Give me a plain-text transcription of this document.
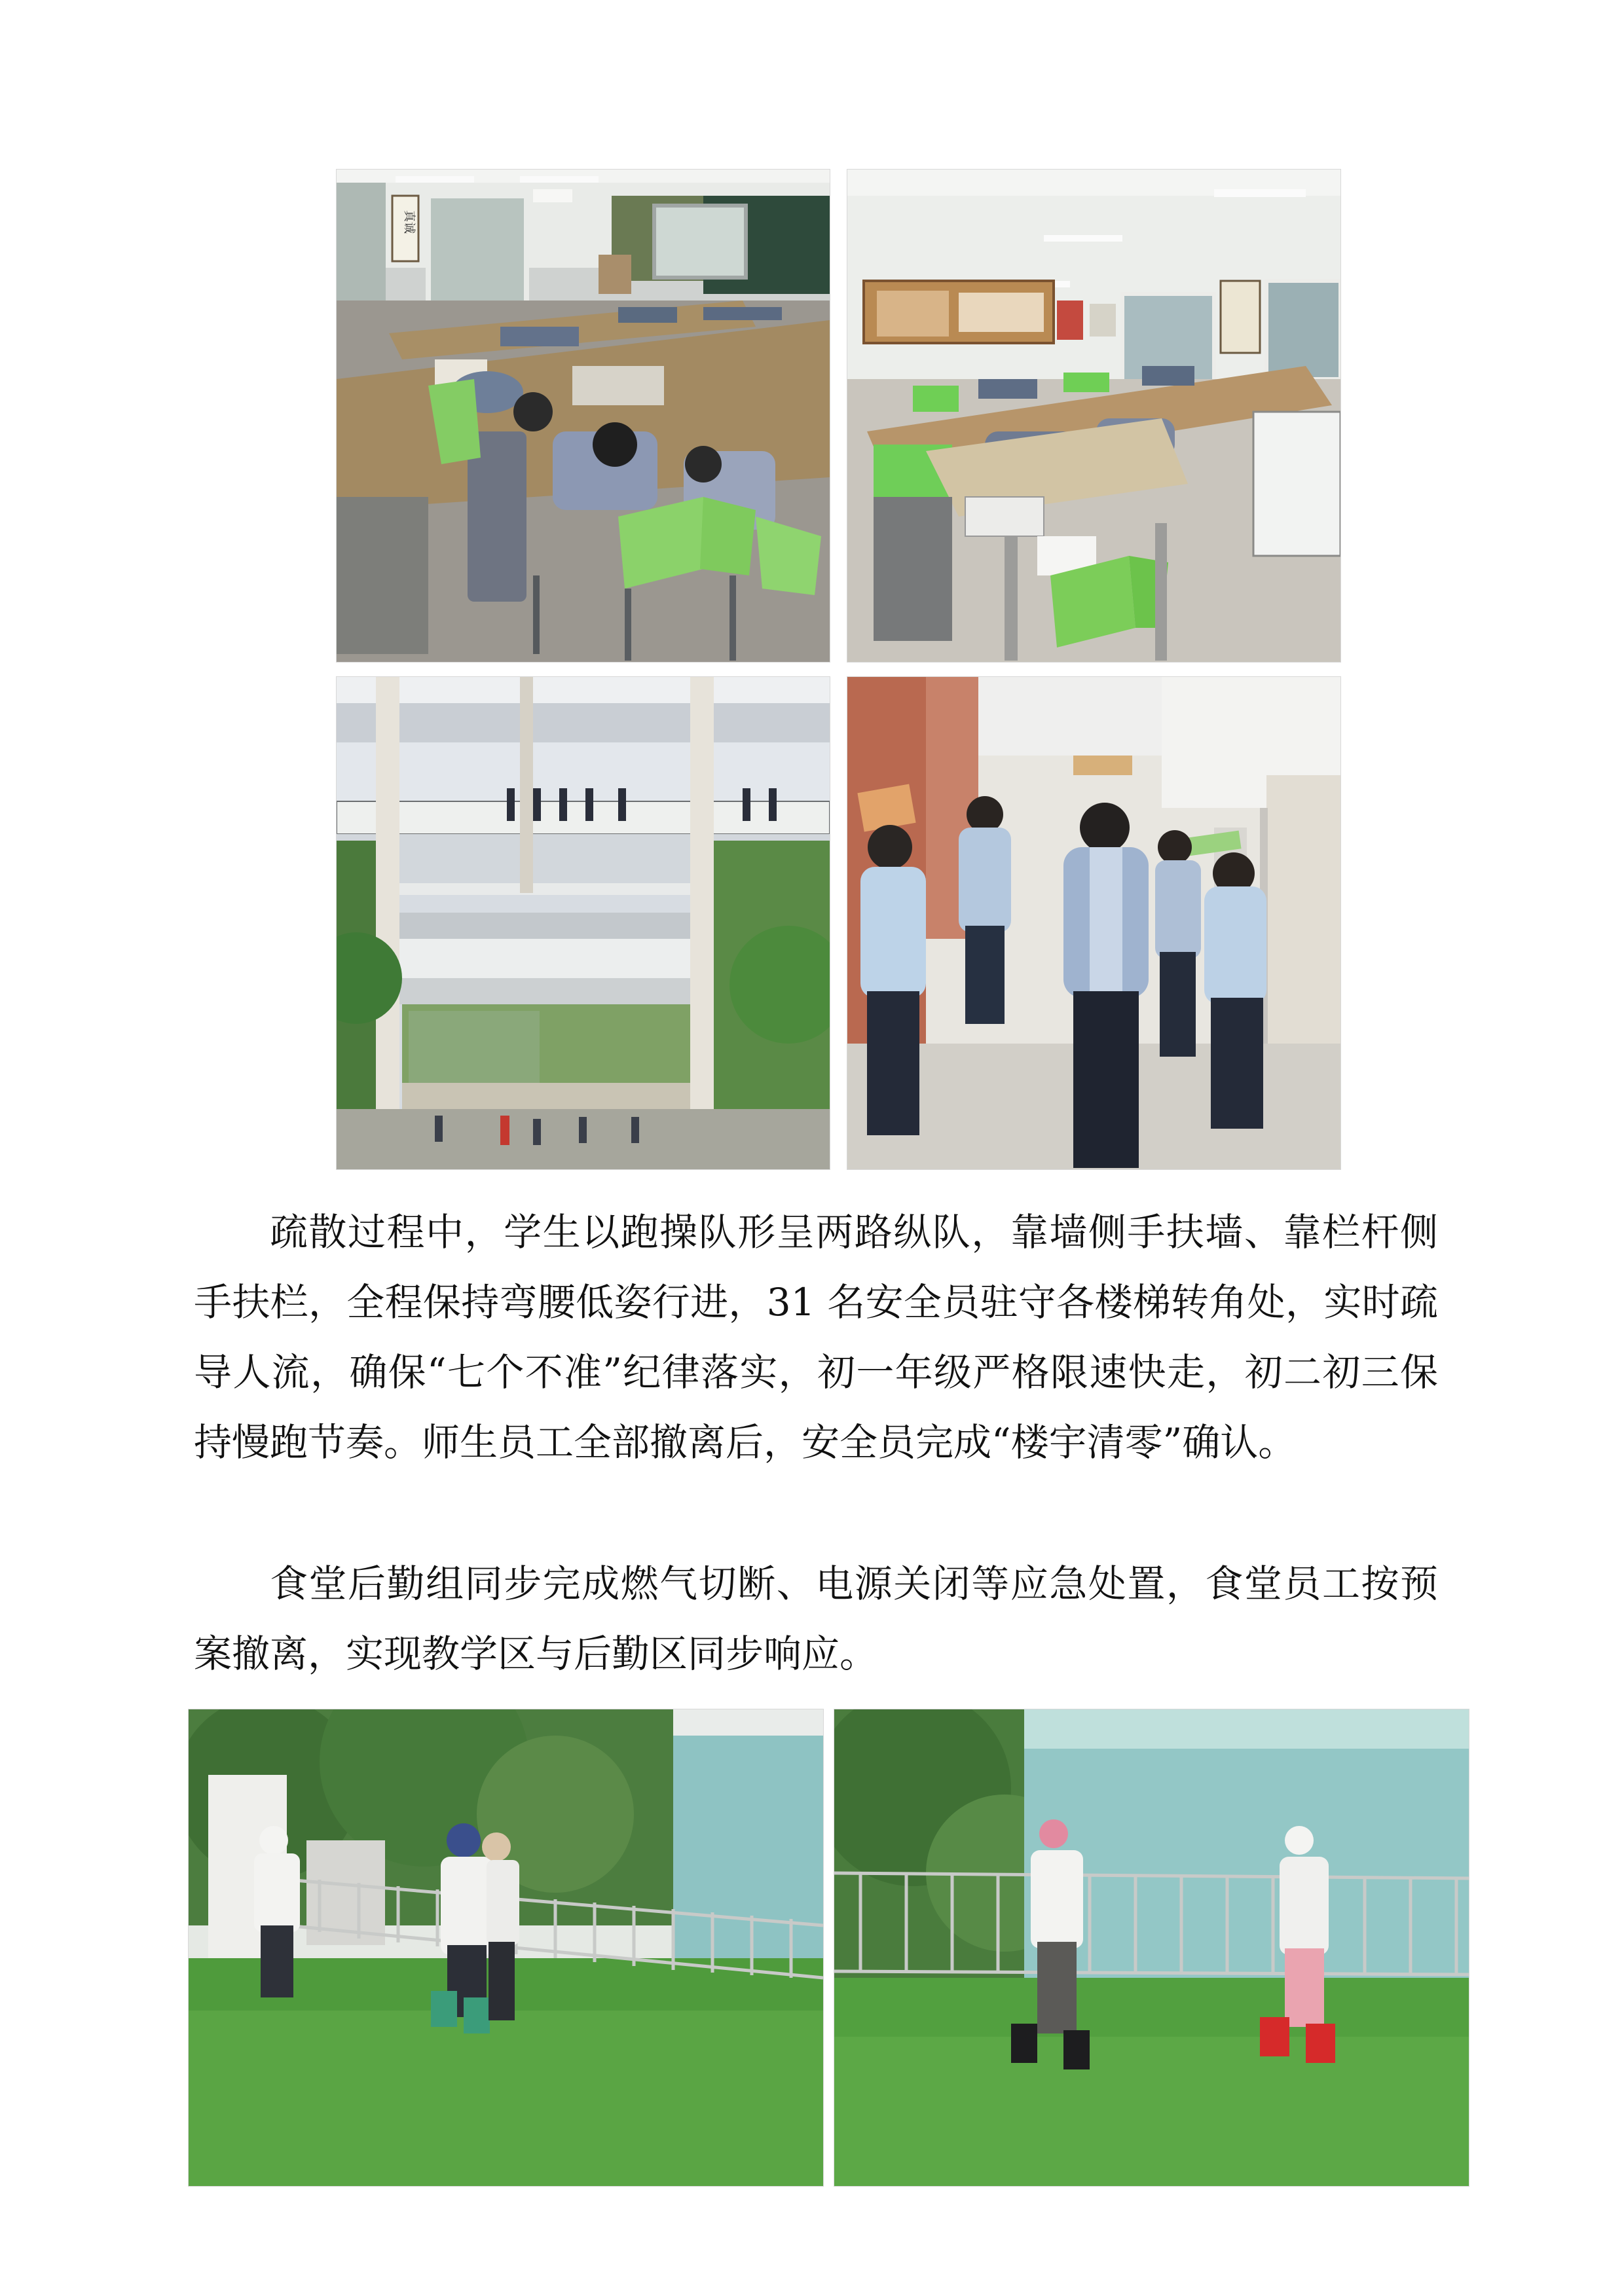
真诚

疏散过程中，学生以跑操队形呈两路纵队，靠墙侧手扶墙、靠栏杆侧手扶栏，全程保持弯腰低姿行进，31 名安全员驻守各楼梯转角处，实时疏导人流，确保“七个不准”纪律落实，初一年级严格限速快走，初二初三保持慢跑节奏。师生员工全部撤离后，安全员完成“楼宇清零”确认。

食堂后勤组同步完成燃气切断、电源关闭等应急处置，食堂员工按预案撤离，实现教学区与后勤区同步响应。
